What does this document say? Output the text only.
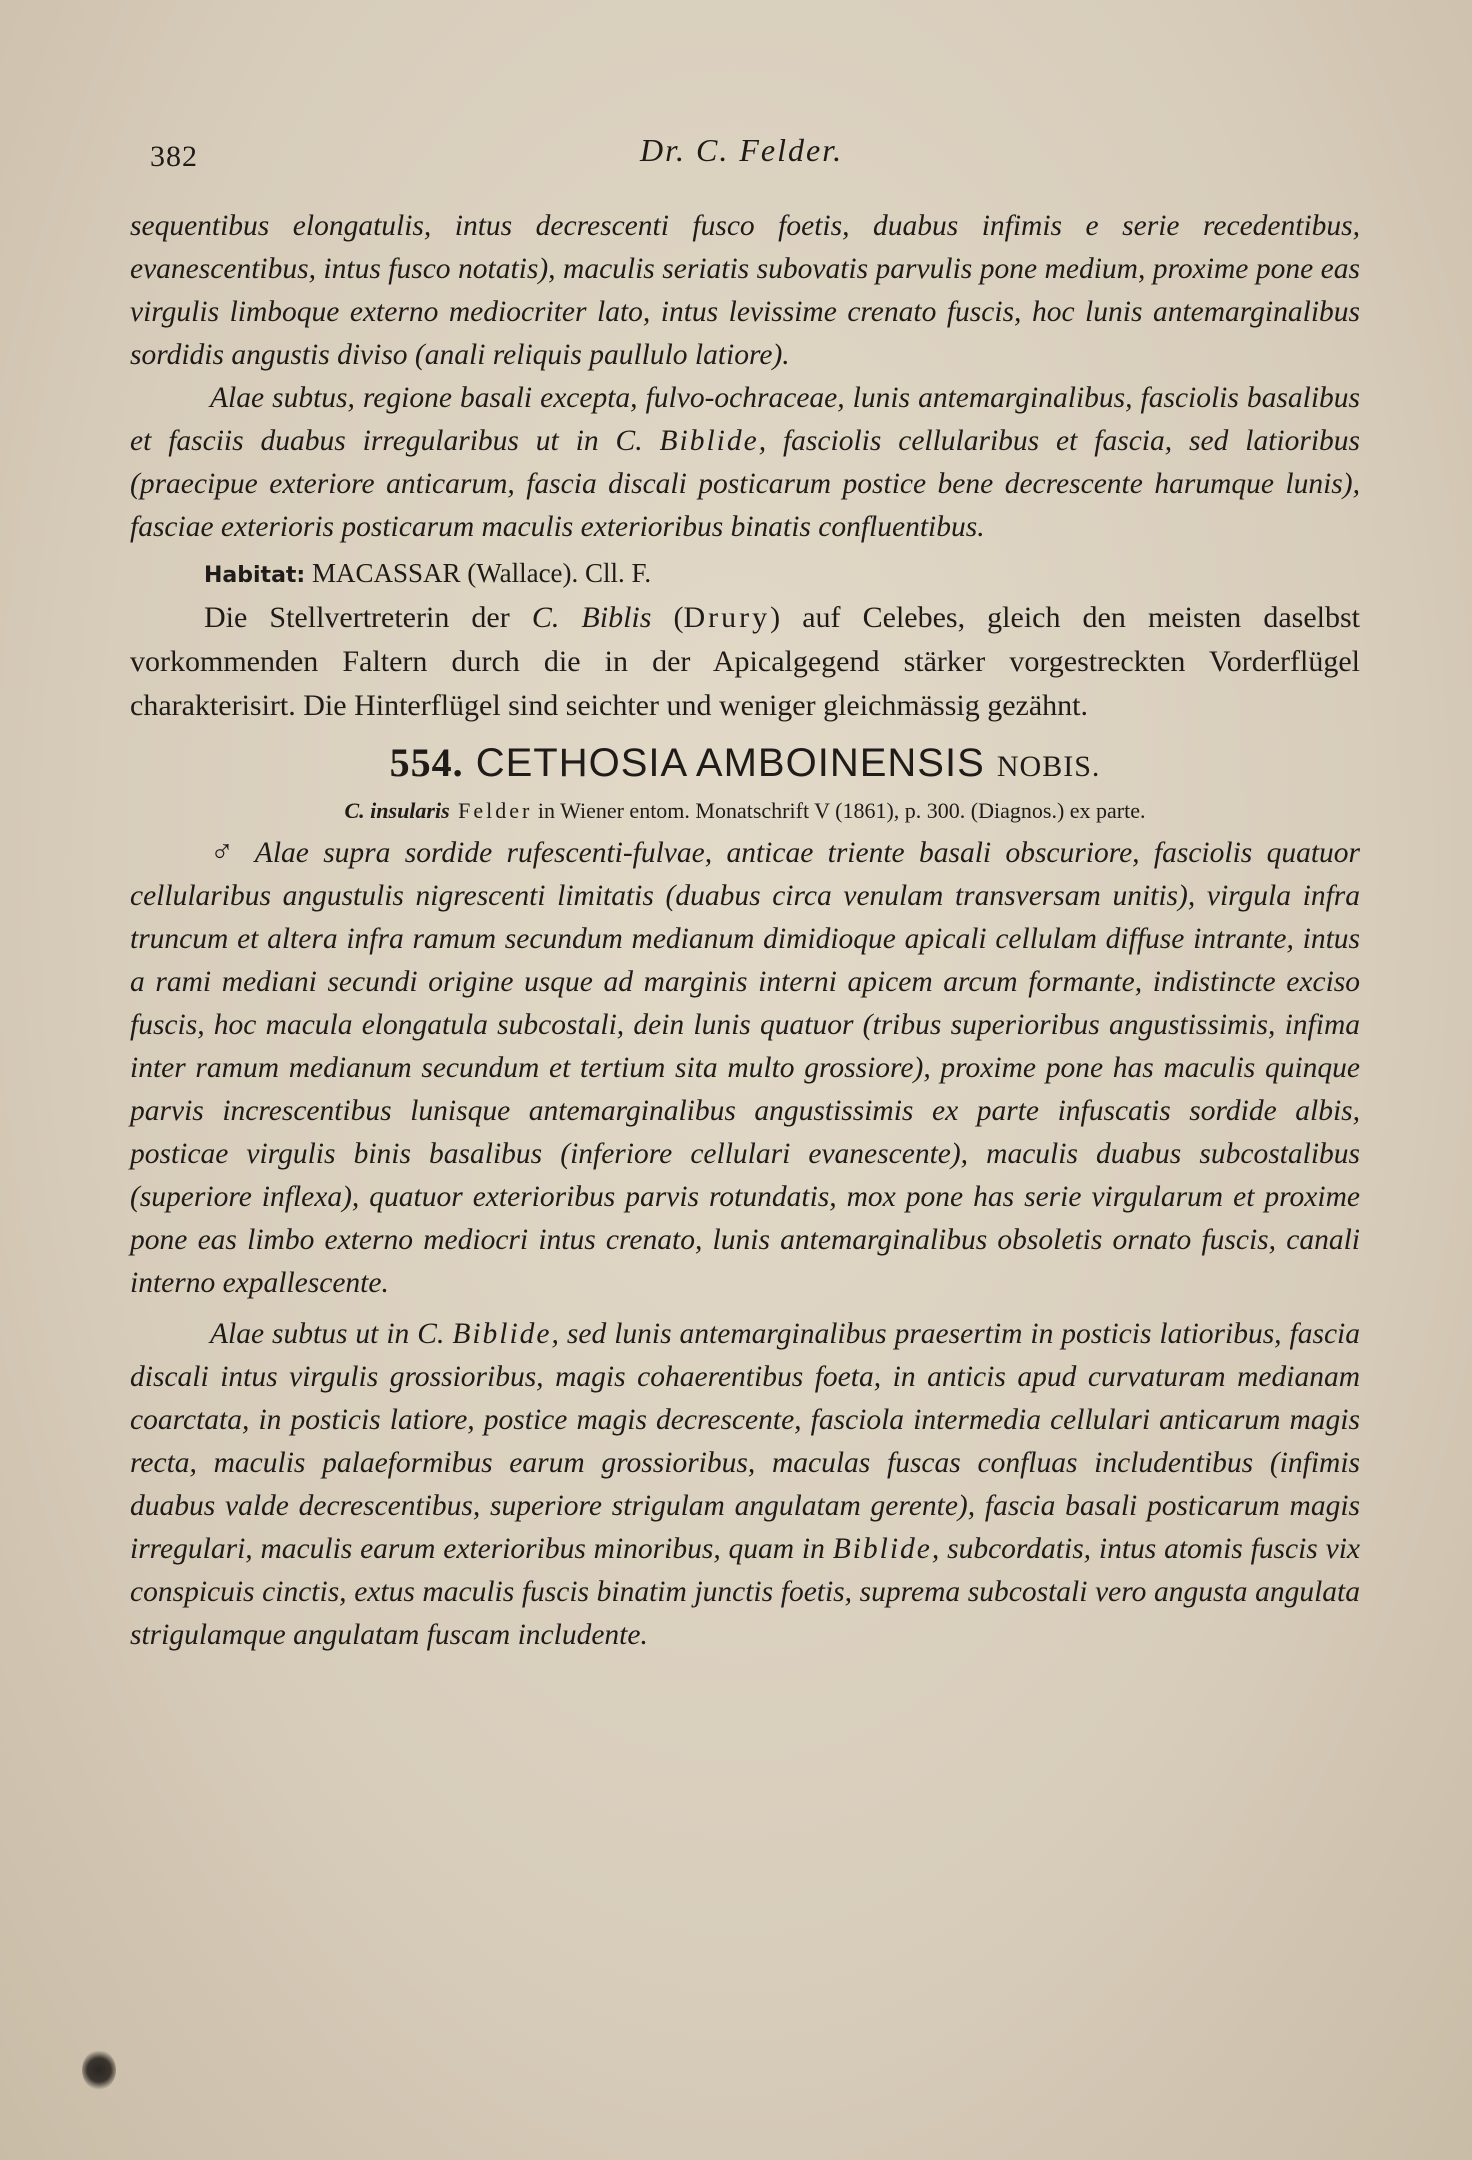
382	Dr. C. Felder.

sequentibus elongatulis, intus decrescenti fusco foetis, duabus infimis e serie recedentibus, evanescentibus, intus fusco notatis), maculis seriatis subovatis parvulis pone medium, proxime pone eas virgulis limboque externo mediocriter lato, intus levissime crenato fuscis, hoc lunis antemarginalibus sordidis angustis diviso (anali reliquis paullulo latiore).

Alae subtus, regione basali excepta, fulvo-ochraceae, lunis antemarginalibus, fasciolis basalibus et fasciis duabus irregularibus ut in C. Biblide, fasciolis cellularibus et fascia, sed latioribus (praecipue exteriore anticarum, fascia discali posticarum postice bene decrescente harumque lunis), fasciae exterioris posticarum maculis exterioribus binatis confluentibus.

Habitat: MACASSAR (Wallace). Cll. F.

Die Stellvertreterin der C. Biblis (Drury) auf Celebes, gleich den meisten daselbst vorkommenden Faltern durch die in der Apicalgegend stärker vorgestreckten Vorderflügel charakterisirt. Die Hinterflügel sind seichter und weniger gleichmässig gezähnt.

554. CETHOSIA AMBOINENSIS NOBIS.
C. insularis Felder in Wiener entom. Monatschrift V (1861), p. 300. (Diagnos.) ex parte.

♂ Alae supra sordide rufescenti-fulvae, anticae triente basali obscuriore, fasciolis quatuor cellularibus angustulis nigrescenti limitatis (duabus circa venulam transversam unitis), virgula infra truncum et altera infra ramum secundum medianum dimidioque apicali cellulam diffuse intrante, intus a rami mediani secundi origine usque ad marginis interni apicem arcum formante, indistincte exciso fuscis, hoc macula elongatula subcostali, dein lunis quatuor (tribus superioribus angustissimis, infima inter ramum medianum secundum et tertium sita multo grossiore), proxime pone has maculis quinque parvis increscentibus lunisque antemarginalibus angustissimis ex parte infuscatis sordide albis, posticae virgulis binis basalibus (inferiore cellulari evanescente), maculis duabus subcostalibus (superiore inflexa), quatuor exterioribus parvis rotundatis, mox pone has serie virgularum et proxime pone eas limbo externo mediocri intus crenato, lunis antemarginalibus obsoletis ornato fuscis, canali interno expallescente.

Alae subtus ut in C. Biblide, sed lunis antemarginalibus praesertim in posticis latioribus, fascia discali intus virgulis grossioribus, magis cohaerentibus foeta, in anticis apud curvaturam medianam coarctata, in posticis latiore, postice magis decrescente, fasciola intermedia cellulari anticarum magis recta, maculis palaeformibus earum grossioribus, maculas fuscas confluas includentibus (infimis duabus valde decrescentibus, superiore strigulam angulatam gerente), fascia basali posticarum magis irregulari, maculis earum exterioribus minoribus, quam in Biblide, subcordatis, intus atomis fuscis vix conspicuis cinctis, extus maculis fuscis binatim junctis foetis, suprema subcostali vero angusta angulata strigulamque angulatam fuscam includente.
